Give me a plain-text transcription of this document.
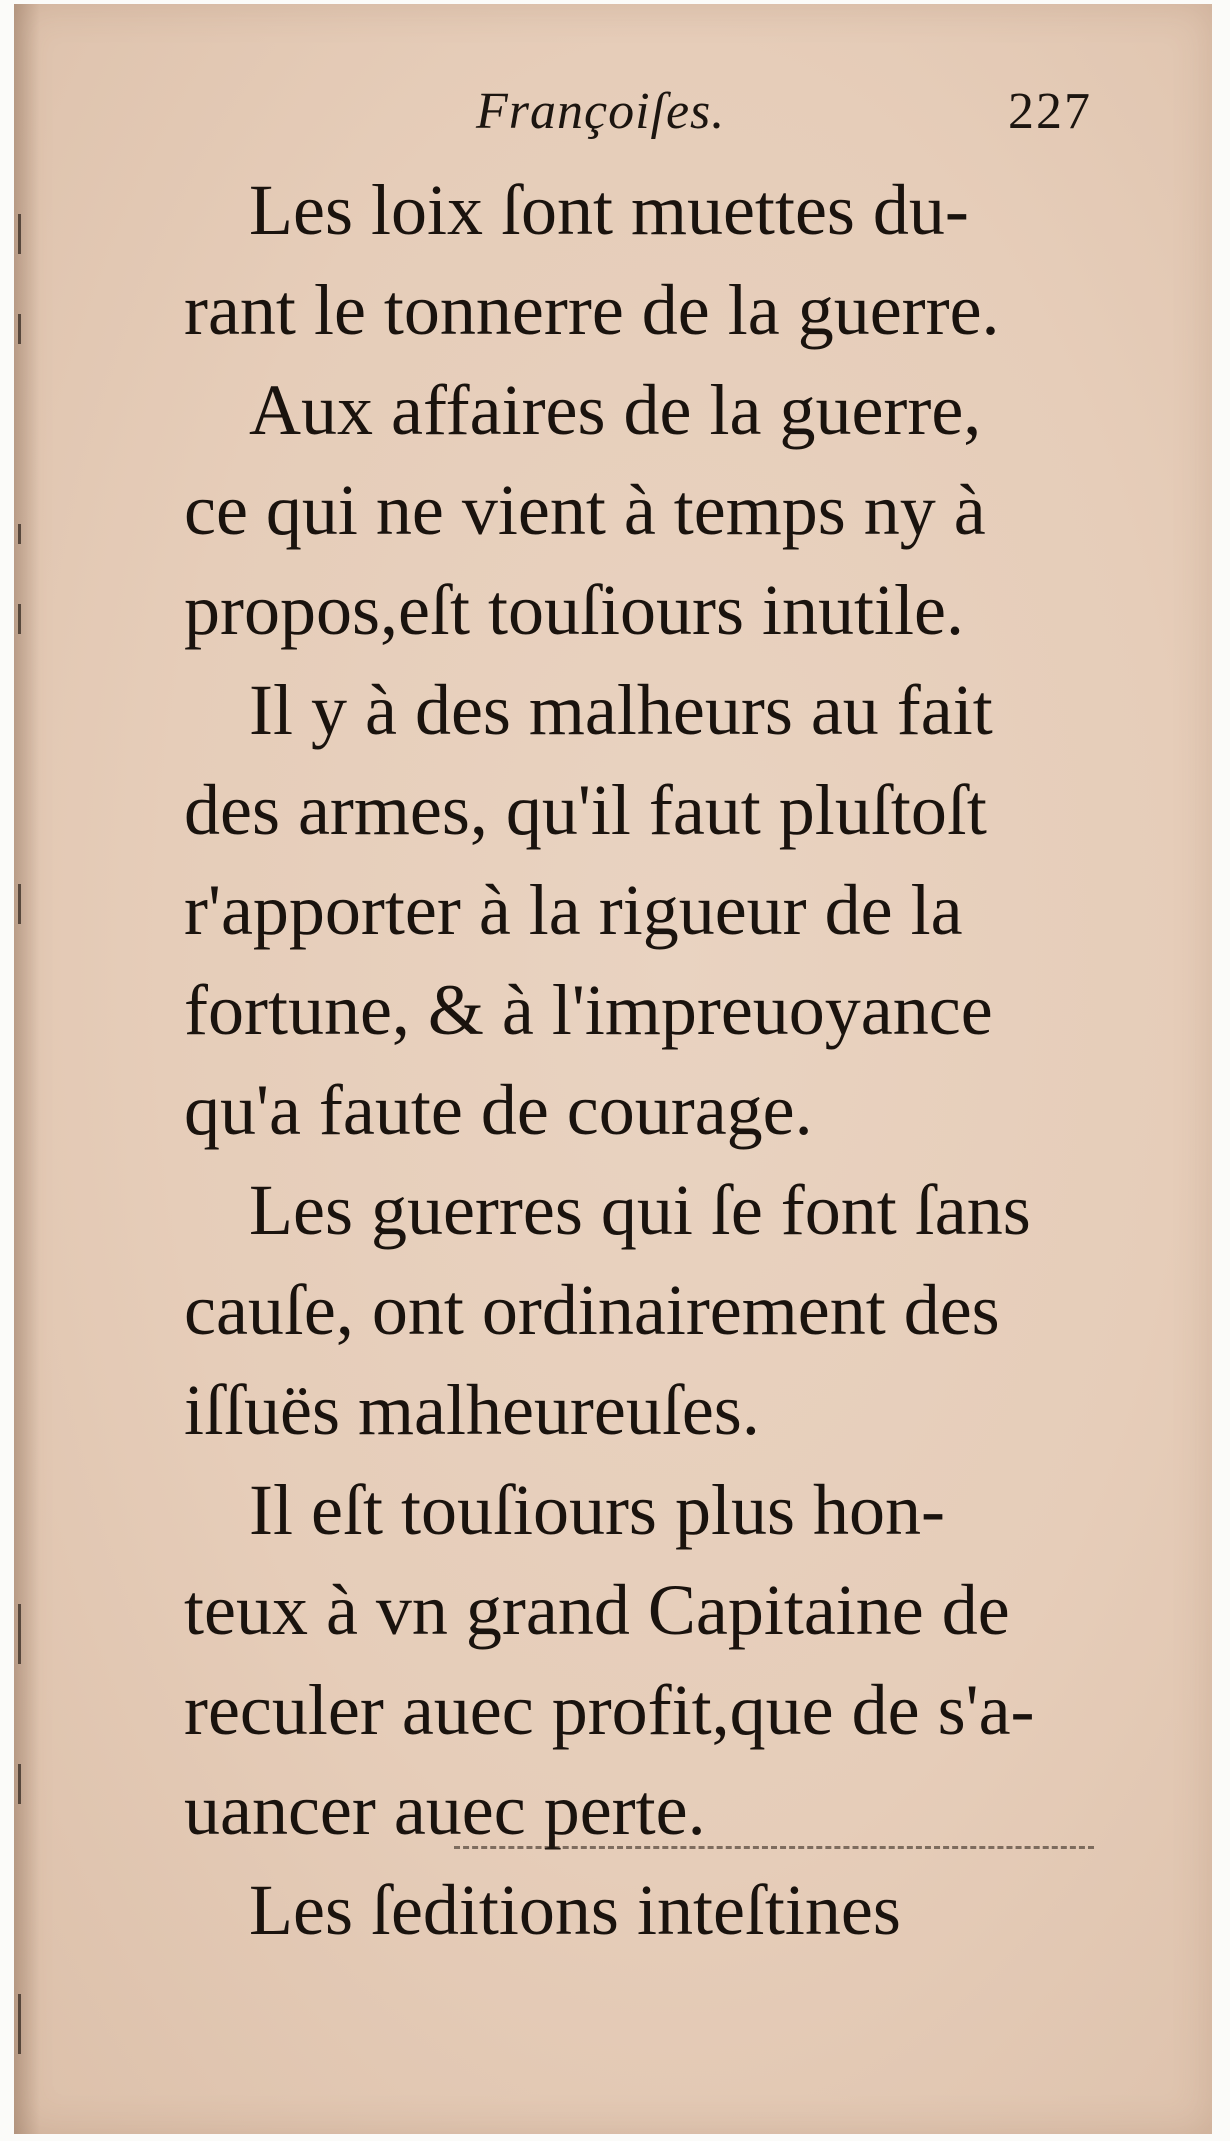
Françoiſes.	227
Les loix ſont muettes du-
rant le tonnerre de la guerre.
Aux affaires de la guerre,
ce qui ne vient à temps ny à
propos,eſt touſiours inutile.
Il y à des malheurs au fait
des armes, qu'il faut pluſtoſt
r'apporter à la rigueur de la
fortune, & à l'impreuoyance
qu'a faute de courage.
Les guerres qui ſe font ſans
cauſe, ont ordinairement des
iſſuës malheureuſes.
Il eſt touſiours plus hon-
teux à vn grand Capitaine de
reculer auec profit,que de s'a-
uancer auec perte.
Les ſeditions inteſtines
